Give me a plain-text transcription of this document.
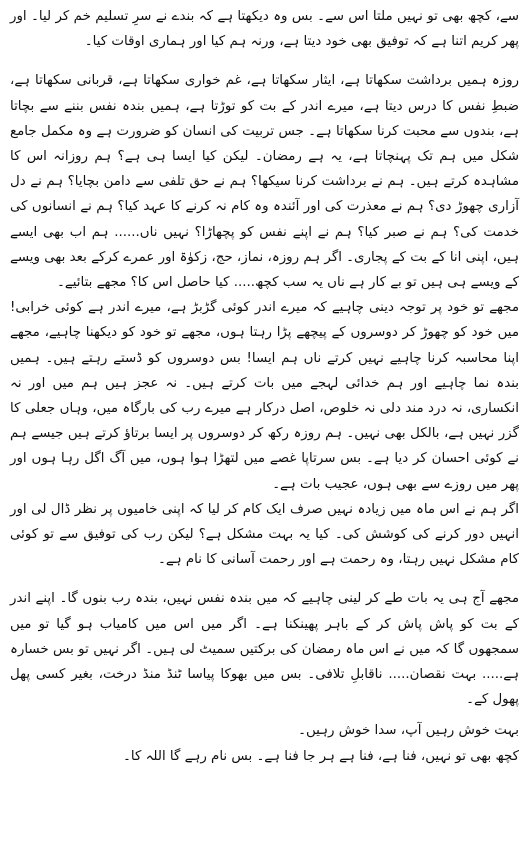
سے، کچھ بھی تو نہیں ملتا اس سے۔ بس وہ دیکھتا ہے کہ بندے نے سرِ تسلیم خم کر لیا۔ اور پھر کریم اتنا ہے کہ توفیق بھی خود دیتا ہے، ورنہ ہم کیا اور ہماری اوقات کیا۔

روزہ ہمیں برداشت سکھاتا ہے، ایثار سکھاتا ہے، غم خواری سکھاتا ہے، قربانی سکھاتا ہے، ضبطِ نفس کا درس دیتا ہے، میرے اندر کے بت کو توڑتا ہے، ہمیں بندہ نفس بننے سے بچاتا ہے، بندوں سے محبت کرنا سکھاتا ہے۔ جس تربیت کی انسان کو ضرورت ہے وہ مکمل جامع شکل میں ہم تک پہنچاتا ہے، یہ ہے رمضان۔ لیکن کیا ایسا ہی ہے؟ ہم روزانہ اس کا مشاہدہ کرتے ہیں۔ ہم نے برداشت کرنا سیکھا؟ ہم نے حق تلفی سے دامن بچایا؟ ہم نے دل آزاری چھوڑ دی؟ ہم نے معذرت کی اور آئندہ وہ کام نہ کرنے کا عہد کیا؟ ہم نے انسانوں کی خدمت کی؟ ہم نے صبر کیا؟ ہم نے اپنے نفس کو پچھاڑا؟ نہیں ناں...... ہم اب بھی ایسے ہیں، اپنی انا کے بت کے پجاری۔ اگر ہم روزہ، نماز، حج، زکوٰۃ اور عمرے کرکے بعد بھی ویسے کے ویسے ہی ہیں تو بے کار ہے ناں یہ سب کچھ..... کیا حاصل اس کا؟ مجھے بتائیے۔

مجھے تو خود پر توجہ دینی چاہیے کہ میرے اندر کوئی گڑبڑ ہے، میرے اندر ہے کوئی خرابی! میں خود کو چھوڑ کر دوسروں کے پیچھے پڑا رہتا ہوں، مجھے تو خود کو دیکھنا چاہیے، مجھے اپنا محاسبہ کرنا چاہیے نہیں کرتے ناں ہم ایسا! بس دوسروں کو ڈستے رہتے ہیں۔ ہمیں بندہ نما چاہیے اور ہم خدائی لہجے میں بات کرتے ہیں۔ نہ عجز ہیں ہم میں اور نہ انکساری، نہ درد مند دلی نہ خلوص، اصل درکار ہے میرے رب کی بارگاہ میں، وہاں جعلی کا گزر نہیں ہے، بالکل بھی نہیں۔ ہم روزہ رکھ کر دوسروں پر ایسا برتاؤ کرتے ہیں جیسے ہم نے کوئی احسان کر دیا ہے۔ بس سرتاپا غصے میں لتھڑا ہوا ہوں، میں آگ اگل رہا ہوں اور پھر میں روزے سے بھی ہوں، عجیب بات ہے۔

اگر ہم نے اس ماہ میں زیادہ نہیں صرف ایک کام کر لیا کہ اپنی خامیوں پر نظر ڈال لی اور انہیں دور کرنے کی کوشش کی۔ کیا یہ بہت مشکل ہے؟ لیکن رب کی توفیق سے تو کوئی کام مشکل نہیں رہتا، وہ رحمت ہے اور رحمت آسانی کا نام ہے۔

مجھے آج ہی یہ بات طے کر لینی چاہیے کہ میں بندہ نفس نہیں، بندہ رب بنوں گا۔ اپنے اندر کے بت کو پاش پاش کر کے باہر پھینکنا ہے۔ اگر میں اس میں کامیاب ہو گیا تو میں سمجھوں گا کہ میں نے اس ماہ رمضان کی برکتیں سمیٹ لی ہیں۔ اگر نہیں تو بس خسارہ ہے..... بہت نقصان..... ناقابلِ تلافی۔ بس میں بھوکا پیاسا ٹنڈ منڈ درخت، بغیر کسی پھل پھول کے۔

بہت خوش رہیں آپ، سدا خوش رہیں۔

کچھ بھی تو نہیں، فنا ہے، فنا ہے ہر جا فنا ہے۔ بس نام رہے گا اللہ کا۔
